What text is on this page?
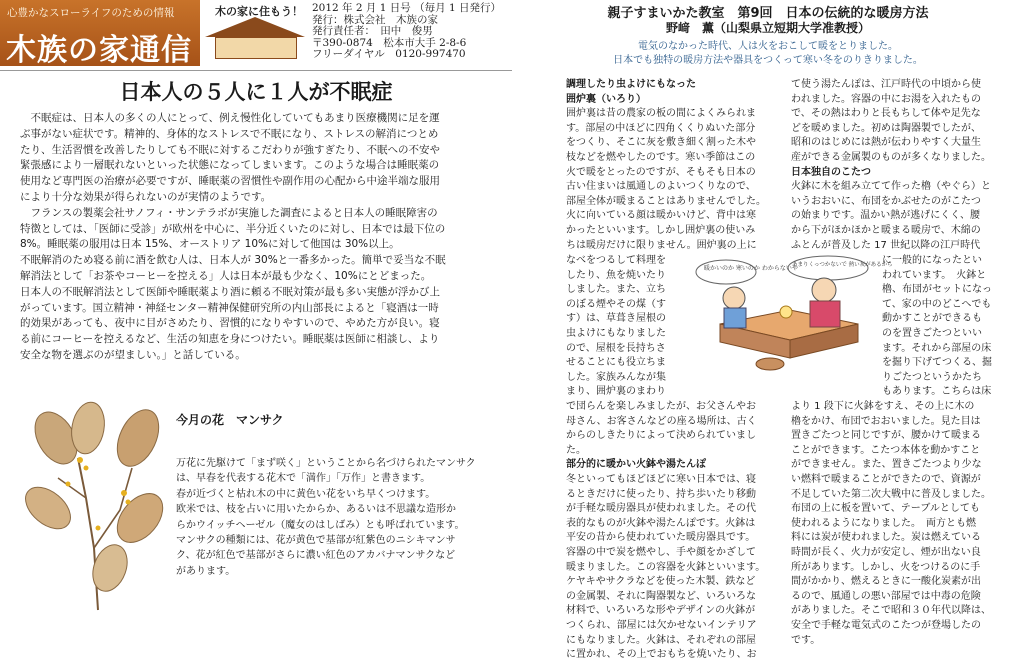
心豊かなスローライフのための情報
木族の家通信
木の家に住もう！ 2012 年 2 月 1 日号 （毎月 1 日発行）
発行：株式会社　木族の家
発行責任者：　田中　俊男
〒390-0874　松本市大手 2-8-6
フリーダイヤル　0120-997470
日本人の５人に１人が不眠症

不眠症は、日本人の多くの人にとって、例え慢性化していてもあまり医療機関に足を運

ぶ事がない症状です。精神的、身体的なストレスで不眠になり、ストレスの解消につとめ

たり、生活習慣を改善したりしても不眠に対するこだわりが強すぎたり、不眠への不安や

緊張感により一層眠れないといった状態になってしまいます。このような場合は睡眠薬の

使用など専門医の治療が必要ですが、睡眠薬の習慣性や副作用の心配から中途半端な服用

により十分な効果が得られないのが実情のようです。

フランスの製薬会社サノフィ・サンテラボが実施した調査によると日本人の睡眠障害の

特徴としては、「医師に受診」が欧州を中心に、半分近くいたのに対し、日本では最下位の

8%。睡眠薬の服用は日本 15%、オーストリア 10%に対して他国は 30%以上。

不眠解消のため寝る前に酒を飲む人は、日本人が 30%と一番多かった。簡単で妥当な不眠

解消法として「お茶やコーヒーを控える」人は日本が最も少なく、10%にとどまった。

日本人の不眠解消法として医師や睡眠薬より酒に頼る不眠対策が最も多い実態が浮かび上

がっています。国立精神・神経センター精神保健研究所の内山部長によると「寝酒は一時

的効果があっても、夜中に目がさめたり、習慣的になりやすいので、やめた方が良い。寝

る前にコーヒーを控えるなど、生活の知恵を身につけたい。睡眠薬は医師に相談し、より

安全な物を選ぶのが望ましい。」と話している。

今月の花　マンサク

万花に先駆けて「まず咲く」ということから名づけられたマンサク

は、早春を代表する花木で「満作」「万作」と書きます。

春が近づくと枯れ木の中に黄色い花をいち早くつけます。

欧米では、枝を占いに用いたからか、あるいは不思議な造形か

らかウイッチヘーゼル（魔女のはしばみ）とも呼ばれています。

マンサクの種類には、花が黄色で基部が紅紫色のニシキマンサ

ク、花が紅色で基部がさらに濃い紅色のアカバナマンサクなど

があります。

親子すまいかた教室　第9回　日本の伝統的な暖房方法
野﨑　薫（山梨県立短期大学准教授）
電気のなかった時代、人は火をおこして暖をとりました。
日本でも独特の暖房方法や器具をつくって寒い冬をのりきりました。

調理したり虫よけにもなった

囲炉裏（いろり）

囲炉裏は昔の農家の板の間によくみられま

す。部屋の中ほどに四角くくりぬいた部分

をつくり、そこに灰を敷き細く割った木や

枝などを燃やしたのです。寒い季節はこの

火で暖をとったのですが、そもそも日本の

古い住まいは風通しのよいつくりなので、

部屋全体が暖まることはありませんでした。

火に向いている顔は暖かいけど、背中は寒

かったといいます。しかし囲炉裏の使いみ

ちは暖房だけに限りません。囲炉裏の上に

なべをつるして料理を

したり、魚を焼いたり

しました。また、立ち

のぼる煙やその煤（す

す）は、草葺き屋根の

虫よけにもなりました

ので、屋根を長持ちさ

せることにも役立ちま

した。家族みんなが集

まり、囲炉裏のまわり

暖かいのか 寒いのか わからないや
あまりくっつかないで 熱い灰があるから

で団らんを楽しみましたが、お父さんやお

母さん、お客さんなどの座る場所は、古く

からのしきたりによって決められていまし

た。

部分的に暖かい火鉢や湯たんぽ

冬といってもほどほどに寒い日本では、寝

るときだけに使ったり、持ち歩いたり移動

が手軽な暖房器具が使われました。その代

表的なものが火鉢や湯たんぽです。火鉢は

平安の昔から使われていた暖房器具です。

容器の中で炭を燃やし、手や顔をかざして

暖まりました。この容器を火鉢といいます。

ケヤキやサクラなどを使った木製、鉄など

の金属製、それに陶器製など、いろいろな

材料で、いろいろな形やデザインの火鉢が

つくられ、部屋には欠かせないインテリア

にもなりました。火鉢は、それぞれの部屋

に置かれ、その上でおもちを焼いたり、お

て使う湯たんぽは、江戸時代の中頃から使

われました。容器の中にお湯を入れたもの

で、その熱はわりと長もちして体や足先な

どを暖めました。初めは陶器製でしたが、

昭和のはじめには熱が伝わりやすく大量生

産ができる金属製のものが多くなりました。

日本独自のこたつ

火鉢に木を組み立てて作った櫓（やぐら）と

いうおおいに、布団をかぶせたのがこたつ

の始まりです。温かい熱が逃げにくく、腰

から下がほかほかと暖まる暖房で、木綿の

ふとんが普及した 17 世紀以降の江戸時代

に一般的になったとい

われています。　火鉢と

櫓、布団がセットになっ

て、家の中のどこへでも

動かすことができるも

のを置きごたつといい

ます。それから部屋の床

を掘り下げてつくる、掘

りごたつというかたち

もあります。こちらは床

より 1 段下に火鉢をすえ、その上に木の

櫓をかけ、布団でおおいました。見た目は

置きごたつと同じですが、腰かけて暖まる

ことができます。こたつ本体を動かすこと

ができません。また、置きごたつより少な

い燃料で暖まることができたので、資源が

不足していた第二次大戦中に普及しました。

布団の上に板を置いて、テーブルとしても

使われるようになりました。　両方とも燃

料には炭が使われました。炭は燃えている

時間が長く、火力が安定し、煙が出ない良

所があります。しかし、火をつけるのに手

間がかかり、燃えるときに一酸化炭素が出

るので、風通しの悪い部屋では中毒の危険

がありました。そこで昭和３０年代以降は、

安全で手軽な電気式のこたつが登場したの

です。
